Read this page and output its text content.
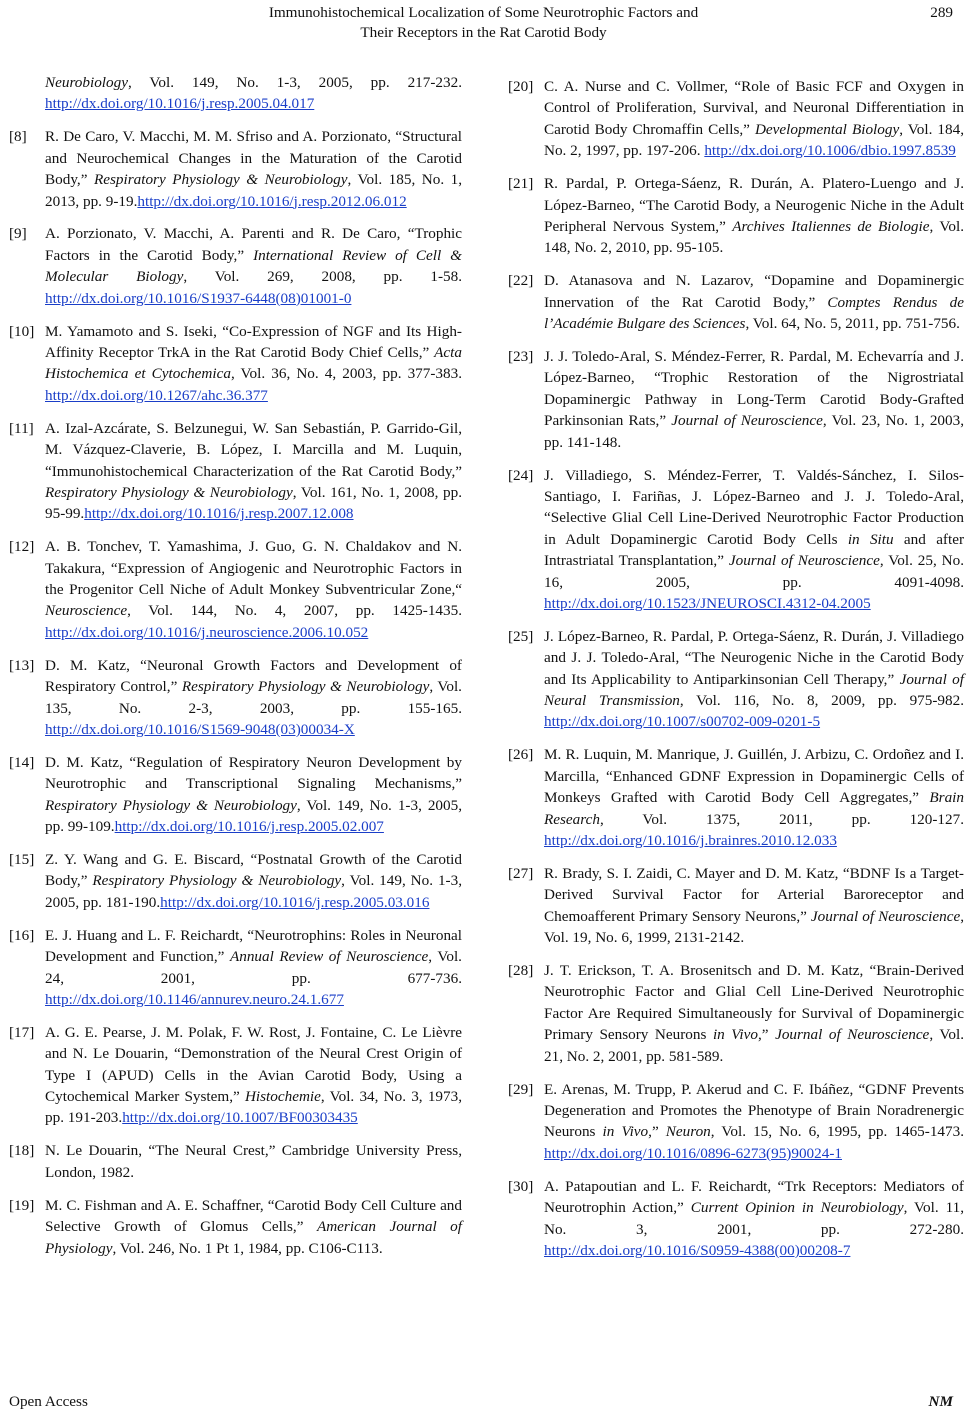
Immunohistochemical Localization of Some Neurotrophic Factors and
Their Receptors in the Rat Carotid Body
289
Neurobiology, Vol. 149, No. 1-3, 2005, pp. 217-232.http://dx.doi.org/10.1016/j.resp.2005.04.017
[8] R. De Caro, V. Macchi, M. M. Sfriso and A. Porzionato, “Structural and Neurochemical Changes in the Maturation of the Carotid Body,” Respiratory Physiology & Neurobiology, Vol. 185, No. 1, 2013, pp. 9-19.http://dx.doi.org/10.1016/j.resp.2012.06.012
[9] A. Porzionato, V. Macchi, A. Parenti and R. De Caro, “Trophic Factors in the Carotid Body,” International Review of Cell & Molecular Biology, Vol. 269, 2008, pp. 1-58. http://dx.doi.org/10.1016/S1937-6448(08)01001-0
[10] M. Yamamoto and S. Iseki, “Co-Expression of NGF and Its High-Affinity Receptor TrkA in the Rat Carotid Body Chief Cells,” Acta Histochemica et Cytochemica, Vol. 36, No. 4, 2003, pp. 377-383.http://dx.doi.org/10.1267/ahc.36.377
[11] A. Izal-Azcárate, S. Belzunegui, W. San Sebastián, P. Garrido-Gil, M. Vázquez-Claverie, B. López, I. Marcilla and M. Luquin, “Immunohistochemical Characterization of the Rat Carotid Body,” Respiratory Physiology & Neurobiology, Vol. 161, No. 1, 2008, pp. 95-99.http://dx.doi.org/10.1016/j.resp.2007.12.008
[12] A. B. Tonchev, T. Yamashima, J. Guo, G. N. Chaldakov and N. Takakura, “Expression of Angiogenic and Neurotrophic Factors in the Progenitor Cell Niche of Adult Monkey Subventricular Zone,“ Neuroscience, Vol. 144, No. 4, 2007, pp. 1425-1435.http://dx.doi.org/10.1016/j.neuroscience.2006.10.052
[13] D. M. Katz, “Neuronal Growth Factors and Development of Respiratory Control,” Respiratory Physiology & Neurobiology, Vol. 135, No. 2-3, 2003, pp. 155-165.http://dx.doi.org/10.1016/S1569-9048(03)00034-X
[14] D. M. Katz, “Regulation of Respiratory Neuron Development by Neurotrophic and Transcriptional Signaling Mechanisms,” Respiratory Physiology & Neurobiology, Vol. 149, No. 1-3, 2005, pp. 99-109.http://dx.doi.org/10.1016/j.resp.2005.02.007
[15] Z. Y. Wang and G. E. Biscard, “Postnatal Growth of the Carotid Body,” Respiratory Physiology & Neurobiology, Vol. 149, No. 1-3, 2005, pp. 181-190.http://dx.doi.org/10.1016/j.resp.2005.03.016
[16] E. J. Huang and L. F. Reichardt, “Neurotrophins: Roles in Neuronal Development and Function,” Annual Review of Neuroscience, Vol. 24, 2001, pp. 677-736.http://dx.doi.org/10.1146/annurev.neuro.24.1.677
[17] A. G. E. Pearse, J. M. Polak, F. W. Rost, J. Fontaine, C. Le Lièvre and N. Le Douarin, “Demonstration of the Neural Crest Origin of Type I (APUD) Cells in the Avian Carotid Body, Using a Cytochemical Marker System,” Histochemie, Vol. 34, No. 3, 1973, pp. 191-203.http://dx.doi.org/10.1007/BF00303435
[18] N. Le Douarin, “The Neural Crest,” Cambridge University Press, London, 1982.
[19] M. C. Fishman and A. E. Schaffner, “Carotid Body Cell Culture and Selective Growth of Glomus Cells,” American Journal of Physiology, Vol. 246, No. 1 Pt 1, 1984, pp. C106-C113.
[20] C. A. Nurse and C. Vollmer, “Role of Basic FCF and Oxygen in Control of Proliferation, Survival, and Neuronal Differentiation in Carotid Body Chromaffin Cells,” Developmental Biology, Vol. 184, No. 2, 1997, pp. 197-206. http://dx.doi.org/10.1006/dbio.1997.8539
[21] R. Pardal, P. Ortega-Sáenz, R. Durán, A. Platero-Luengo and J. López-Barneo, “The Carotid Body, a Neurogenic Niche in the Adult Peripheral Nervous System,” Archives Italiennes de Biologie, Vol. 148, No. 2, 2010, pp. 95-105.
[22] D. Atanasova and N. Lazarov, “Dopamine and Dopaminergic Innervation of the Rat Carotid Body,” Comptes Rendus de l’Académie Bulgare des Sciences, Vol. 64, No. 5, 2011, pp. 751-756.
[23] J. J. Toledo-Aral, S. Méndez-Ferrer, R. Pardal, M. Echevarría and J. López-Barneo, “Trophic Restoration of the Nigrostriatal Dopaminergic Pathway in Long-Term Carotid Body-Grafted Parkinsonian Rats,” Journal of Neuroscience, Vol. 23, No. 1, 2003, pp. 141-148.
[24] J. Villadiego, S. Méndez-Ferrer, T. Valdés-Sánchez, I. Silos-Santiago, I. Fariñas, J. López-Barneo and J. J. Toledo-Aral, “Selective Glial Cell Line-Derived Neurotrophic Factor Production in Adult Dopaminergic Carotid Body Cells in Situ and after Intrastriatal Transplantation,” Journal of Neuroscience, Vol. 25, No. 16, 2005, pp. 4091-4098.http://dx.doi.org/10.1523/JNEUROSCI.4312-04.2005
[25] J. López-Barneo, R. Pardal, P. Ortega-Sáenz, R. Durán, J. Villadiego and J. J. Toledo-Aral, “The Neurogenic Niche in the Carotid Body and Its Applicability to Antiparkinsonian Cell Therapy,” Journal of Neural Transmission, Vol. 116, No. 8, 2009, pp. 975-982.http://dx.doi.org/10.1007/s00702-009-0201-5
[26] M. R. Luquin, M. Manrique, J. Guillén, J. Arbizu, C. Ordoñez and I. Marcilla, “Enhanced GDNF Expression in Dopaminergic Cells of Monkeys Grafted with Carotid Body Cell Aggregates,” Brain Research, Vol. 1375, 2011, pp. 120-127. http://dx.doi.org/10.1016/j.brainres.2010.12.033
[27] R. Brady, S. I. Zaidi, C. Mayer and D. M. Katz, “BDNF Is a Target-Derived Survival Factor for Arterial Baroreceptor and Chemoafferent Primary Sensory Neurons,” Journal of Neuroscience, Vol. 19, No. 6, 1999, 2131-2142.
[28] J. T. Erickson, T. A. Brosenitsch and D. M. Katz, “Brain-Derived Neurotrophic Factor and Glial Cell Line-Derived Neurotrophic Factor Are Required Simultaneously for Survival of Dopaminergic Primary Sensory Neurons in Vivo,” Journal of Neuroscience, Vol. 21, No. 2, 2001, pp. 581-589.
[29] E. Arenas, M. Trupp, P. Akerud and C. F. Ibáñez, “GDNF Prevents Degeneration and Promotes the Phenotype of Brain Noradrenergic Neurons in Vivo,” Neuron, Vol. 15, No. 6, 1995, pp. 1465-1473.http://dx.doi.org/10.1016/0896-6273(95)90024-1
[30] A. Patapoutian and L. F. Reichardt, “Trk Receptors: Mediators of Neurotrophin Action,” Current Opinion in Neurobiology, Vol. 11, No. 3, 2001, pp. 272-280.http://dx.doi.org/10.1016/S0959-4388(00)00208-7
Open Access	NM
